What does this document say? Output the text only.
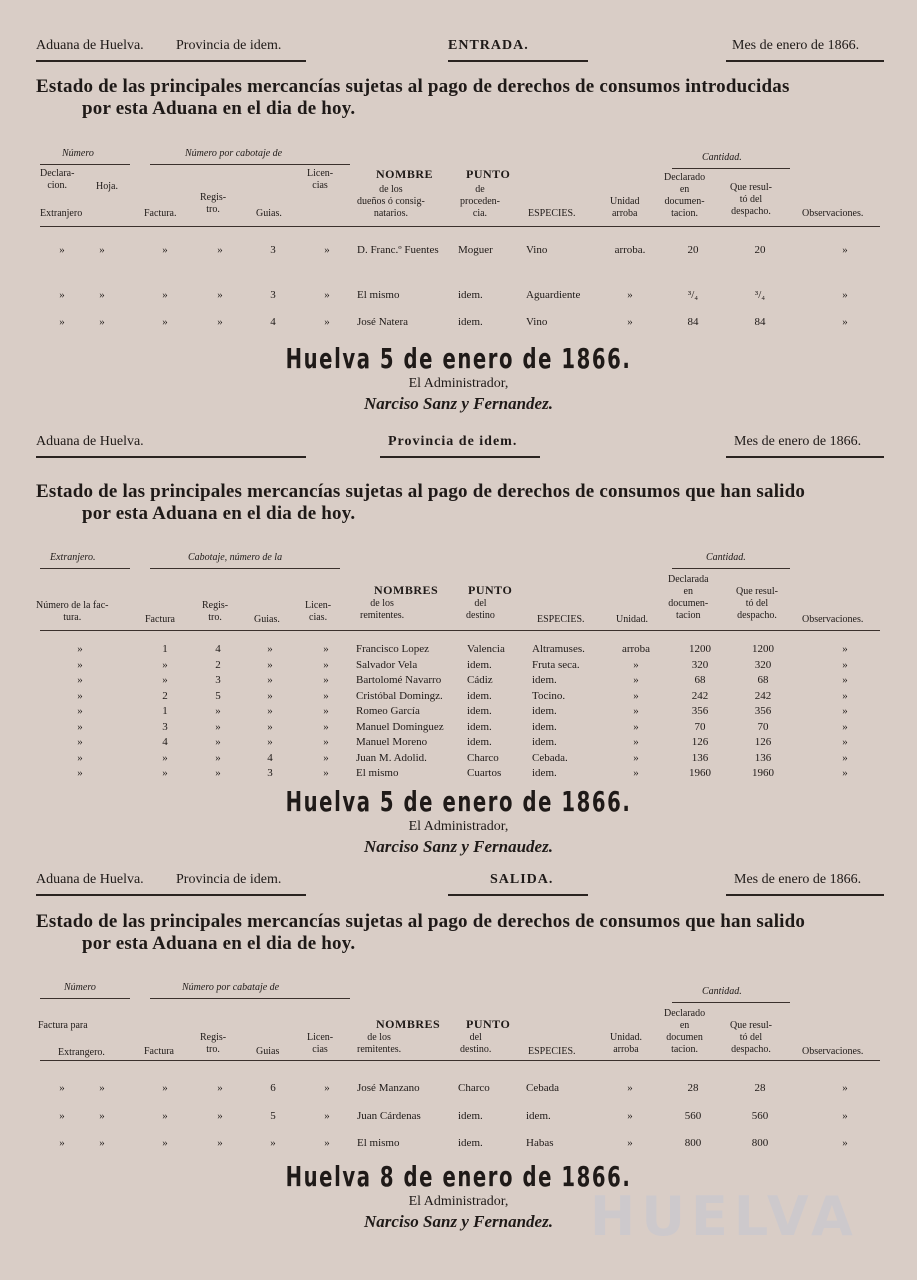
Aduana de Huelva. Provincia de idem.	ENTRADA.	Mes de enero de 1866.
Estado de las principales mercancías sujetas al pago de derechos de consumos introducidas
por esta Aduana en el dia de hoy.
Número	Número por cabotaje de
Declara-
cion.	Hoja.
Extranjero	Factura.
Regis-
tro.	Guias.
Licen-
cias
NOMBRE
de los
dueños ó consig-
natarios.
PUNTO
de
proceden-
cia.	ESPECIES.
Unidad
arroba
Cantidad.
Declarado
en
documen-
tacion.
Que resul-
tó del
despacho.	Observaciones.
»	»	»	»	3	»	D. Franc.º Fuentes Moguer	Vino	arroba.	20	20	»
»	»	»	»	3	»	El mismo	idem.	Aguardiente	»	³/₄	³/₄	»
»	»	»	»	4	»	José Natera	idem.	Vino	»	84	84	»
Huelva 5 de enero de 1866.
El Administrador,
Narciso Sanz y Fernandez.
Aduana de Huelva.	Provincia de idem.	Mes de enero de 1866.
Estado de las principales mercancías sujetas al pago de derechos de consumos que han salido
por esta Aduana en el dia de hoy.
Extranjero.	Cabotaje, número de la
Número de la fac-
tura.	Factura
Regis-
tro.	Guias.
Licen-
cias.
NOMBRES
de los
remitentes.
PUNTO
del
destino	ESPECIES.	Unidad.
Cantidad.
Declarada
en
documen-
tacion
Que resul-
tó del
despacho.	Observaciones.
»	1	4	»	»	Francisco Lopez	Valencia Altramuses.	arroba	1200	1200	»
»	»	2	»	»	Salvador Vela	idem.	Fruta seca.	»	320	320	»
»	»	3	»	»	Bartolomé Navarro Cádiz	idem.	»	68	68	»
»	2	5	»	»	Cristóbal Domingz. idem.	Tocino.	»	242	242	»
»	1	»	»	»	Romeo García	idem.	idem.	»	356	356	»
»	3	»	»	»	Manuel Dominguez idem.	idem.	»	70	70	»
»	4	»	»	»	Manuel Moreno	idem.	idem.	»	126	126	»
»	»	»	4	»	Juan M. Adolid.	Charco	Cebada.	»	136	136	»
»	»	»	3	»	El mismo	Cuartos	idem.	»	1960	1960	»
Huelva 5 de enero de 1866.
El Administrador,
Narciso Sanz y Fernaudez.
Aduana de Huelva. Provincia de idem.	SALIDA.	Mes de enero de 1866.
Estado de las principales mercancías sujetas al pago de derechos de consumos que han salido
por esta Aduana en el dia de hoy.
Número	Número por cabataje de
Factura para
Extrangero.	Factura
Regis-
tro.	Guias
Licen-
cias
NOMBRES
de los
remitentes.
PUNTO
del
destino.	ESPECIES.
Unidad.
arroba
Cantidad.
Declarado
en
documen
tacion.
Que resul-
tó del
despacho.	Observaciones.
»	»	»	»	6	»	José Manzano	Charco	Cebada	»	28	28	»
»	»	»	»	5	»	Juan Cárdenas	idem.	idem.	»	560	560	»
»	»	»	»	»	»	El mismo	idem.	Habas	»	800	800	»
Huelva 8 de enero de 1866.
El Administrador,
Narciso Sanz y Fernandez. HUELVA
